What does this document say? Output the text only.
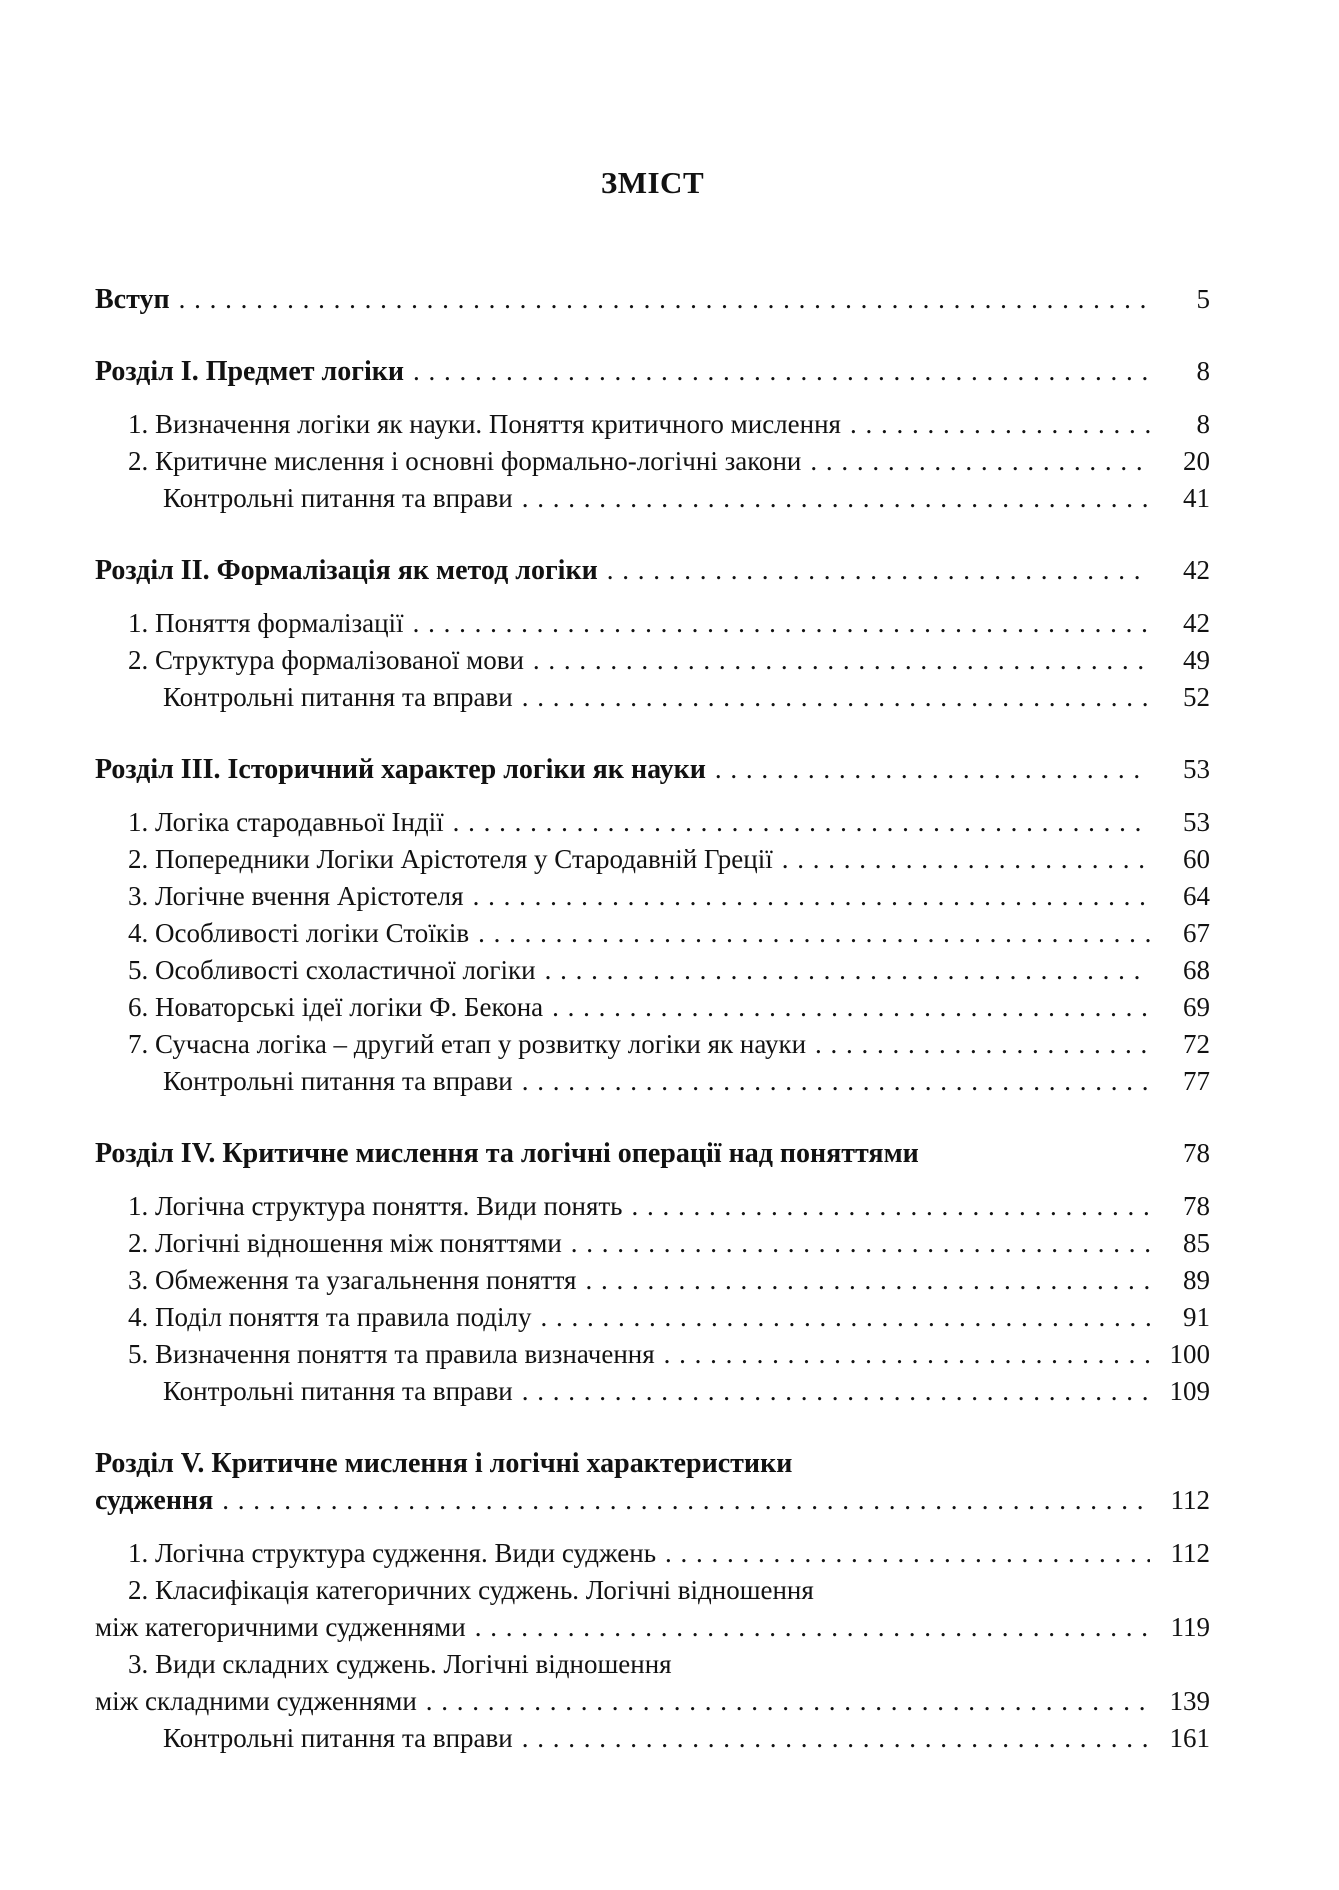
ЗМІСТ
Вступ . . .	5
Розділ I. Предмет логіки . . .	8
1. Визначення логіки як науки. Поняття критичного мислення . . .	8
2. Критичне мислення і основні формально-логічні закони . . .	20
Контрольні питання та вправи . . .	41
Розділ II. Формалізація як метод логіки . . .	42
1. Поняття формалізації . . .	42
2. Структура формалізованої мови . . .	49
Контрольні питання та вправи . . .	52
Розділ III. Історичний характер логіки як науки . . .	53
1. Логіка стародавньої Індії . . .	53
2. Попередники Логіки Арістотеля у Стародавній Греції . . .	60
3. Логічне вчення Арістотеля . . .	64
4. Особливості логіки Стоїків . . .	67
5. Особливості схоластичної логіки . . .	68
6. Новаторські ідеї логіки Ф. Бекона . . .	69
7. Сучасна логіка – другий етап у розвитку логіки як науки . . .	72
Контрольні питання та вправи . . .	77
Розділ IV. Критичне мислення та логічні операції над поняттями	78
1. Логічна структура поняття. Види понять . . .	78
2. Логічні відношення між поняттями . . .	85
3. Обмеження та узагальнення поняття . . .	89
4. Поділ поняття та правила поділу . . .	91
5. Визначення поняття та правила визначення . . .	100
Контрольні питання та вправи . . .	109
Розділ V. Критичне мислення і логічні характеристики
судження . . .	112
1. Логічна структура судження. Види суджень . . .	112
2. Класифікація категоричних суджень. Логічні відношення
між категоричними судженнями . . .	119
3. Види складних суджень. Логічні відношення
між складними судженнями . . .	139
Контрольні питання та вправи . . .	161
